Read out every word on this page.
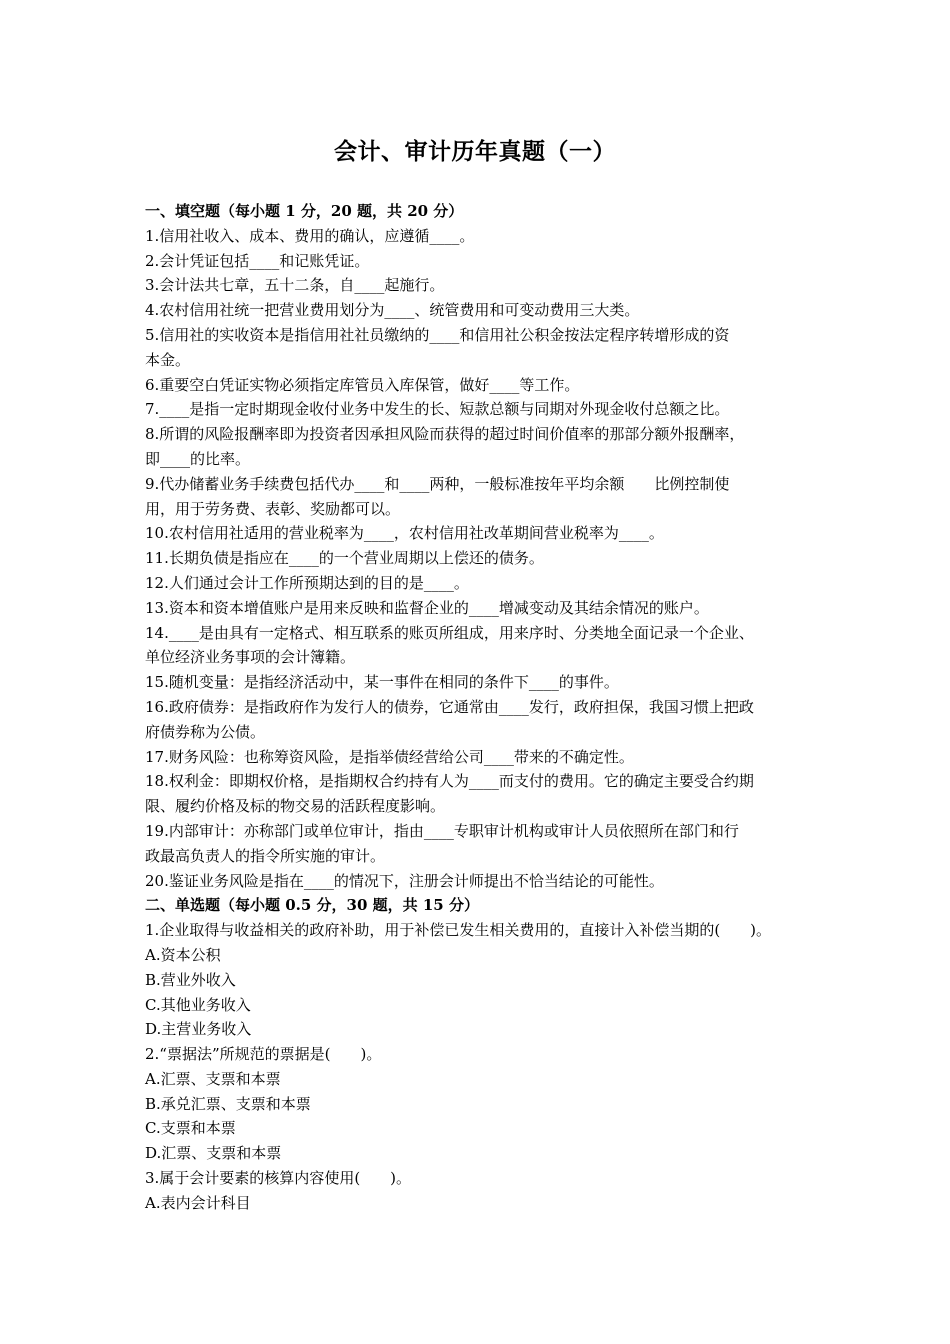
会计、审计历年真题（一）
一、填空题（每小题 1 分，20 题，共 20 分）
1.信用社收入、成本、费用的确认，应遵循____。
2.会计凭证包括____和记账凭证。
3.会计法共七章，五十二条，自____起施行。
4.农村信用社统一把营业费用划分为____、统管费用和可变动费用三大类。
5.信用社的实收资本是指信用社社员缴纳的____和信用社公积金按法定程序转增形成的资
本金。
6.重要空白凭证实物必须指定库管员入库保管，做好____等工作。
7.____是指一定时期现金收付业务中发生的长、短款总额与同期对外现金收付总额之比。
8.所谓的风险报酬率即为投资者因承担风险而获得的超过时间价值率的那部分额外报酬率，
即____的比率。
9.代办储蓄业务手续费包括代办____和____两种，一般标准按年平均余额　　比例控制使
用，用于劳务费、表彰、奖励都可以。
10.农村信用社适用的营业税率为____，农村信用社改革期间营业税率为____。
11.长期负债是指应在____的一个营业周期以上偿还的债务。
12.人们通过会计工作所预期达到的目的是____。
13.资本和资本增值账户是用来反映和监督企业的____增减变动及其结余情况的账户。
14.____是由具有一定格式、相互联系的账页所组成，用来序时、分类地全面记录一个企业、
单位经济业务事项的会计簿籍。
15.随机变量：是指经济活动中，某一事件在相同的条件下____的事件。
16.政府债券：是指政府作为发行人的债券，它通常由____发行，政府担保，我国习惯上把政
府债券称为公债。
17.财务风险：也称筹资风险，是指举债经营给公司____带来的不确定性。
18.权利金：即期权价格，是指期权合约持有人为____而支付的费用。它的确定主要受合约期
限、履约价格及标的物交易的活跃程度影响。
19.内部审计：亦称部门或单位审计，指由____专职审计机构或审计人员依照所在部门和行
政最高负责人的指令所实施的审计。
20.鉴证业务风险是指在____的情况下，注册会计师提出不恰当结论的可能性。
二、单选题（每小题 0.5 分，30 题，共 15 分）
1.企业取得与收益相关的政府补助，用于补偿已发生相关费用的，直接计入补偿当期的(　　)。
A.资本公积
B.营业外收入
C.其他业务收入
D.主营业务收入
2.“票据法”所规范的票据是(　　)。
A.汇票、支票和本票
B.承兑汇票、支票和本票
C.支票和本票
D.汇票、支票和本票
3.属于会计要素的核算内容使用(　　)。
A.表内会计科目
